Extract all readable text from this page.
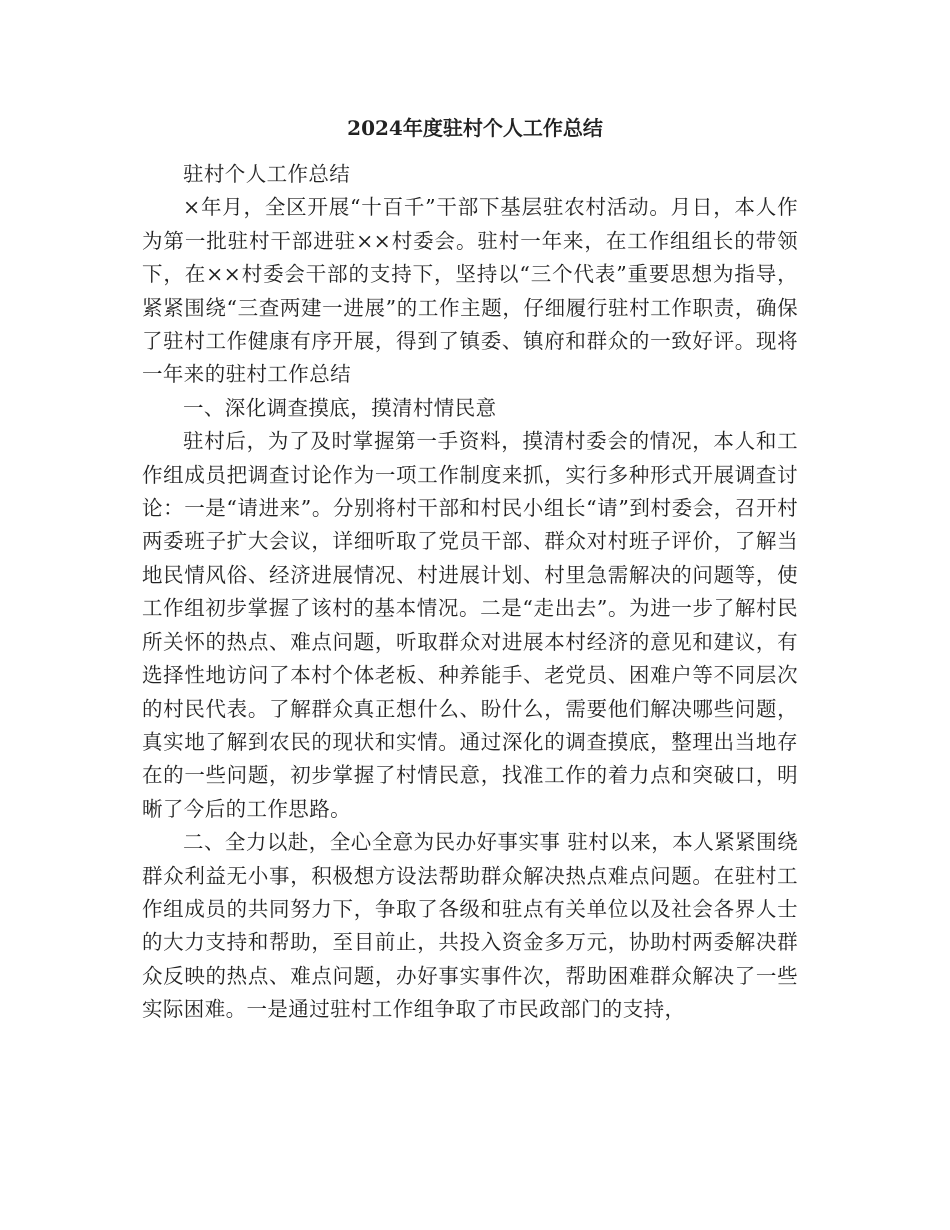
2024年度驻村个人工作总结

驻村个人工作总结

×年月，全区开展“十百千”干部下基层驻农村活动。月日，本人作为第一批驻村干部进驻××村委会。驻村一年来，在工作组组长的带领下，在××村委会干部的支持下，坚持以“三个代表”重要思想为指导，紧紧围绕“三查两建一进展”的工作主题，仔细履行驻村工作职责，确保了驻村工作健康有序开展，得到了镇委、镇府和群众的一致好评。现将一年来的驻村工作总结

一、深化调查摸底，摸清村情民意

驻村后，为了及时掌握第一手资料，摸清村委会的情况，本人和工作组成员把调查讨论作为一项工作制度来抓，实行多种形式开展调查讨论：一是“请进来”。分别将村干部和村民小组长“请”到村委会，召开村两委班子扩大会议，详细听取了党员干部、群众对村班子评价，了解当地民情风俗、经济进展情况、村进展计划、村里急需解决的问题等，使工作组初步掌握了该村的基本情况。二是“走出去”。为进一步了解村民所关怀的热点、难点问题，听取群众对进展本村经济的意见和建议，有选择性地访问了本村个体老板、种养能手、老党员、困难户等不同层次的村民代表。了解群众真正想什么、盼什么，需要他们解决哪些问题，真实地了解到农民的现状和实情。通过深化的调查摸底，整理出当地存在的一些问题，初步掌握了村情民意，找准工作的着力点和突破口，明晰了今后的工作思路。

二、全力以赴，全心全意为民办好事实事 驻村以来，本人紧紧围绕群众利益无小事，积极想方设法帮助群众解决热点难点问题。在驻村工作组成员的共同努力下，争取了各级和驻点有关单位以及社会各界人士的大力支持和帮助，至目前止，共投入资金多万元，协助村两委解决群众反映的热点、难点问题，办好事实事件次，帮助困难群众解决了一些实际困难。一是通过驻村工作组争取了市民政部门的支持，
